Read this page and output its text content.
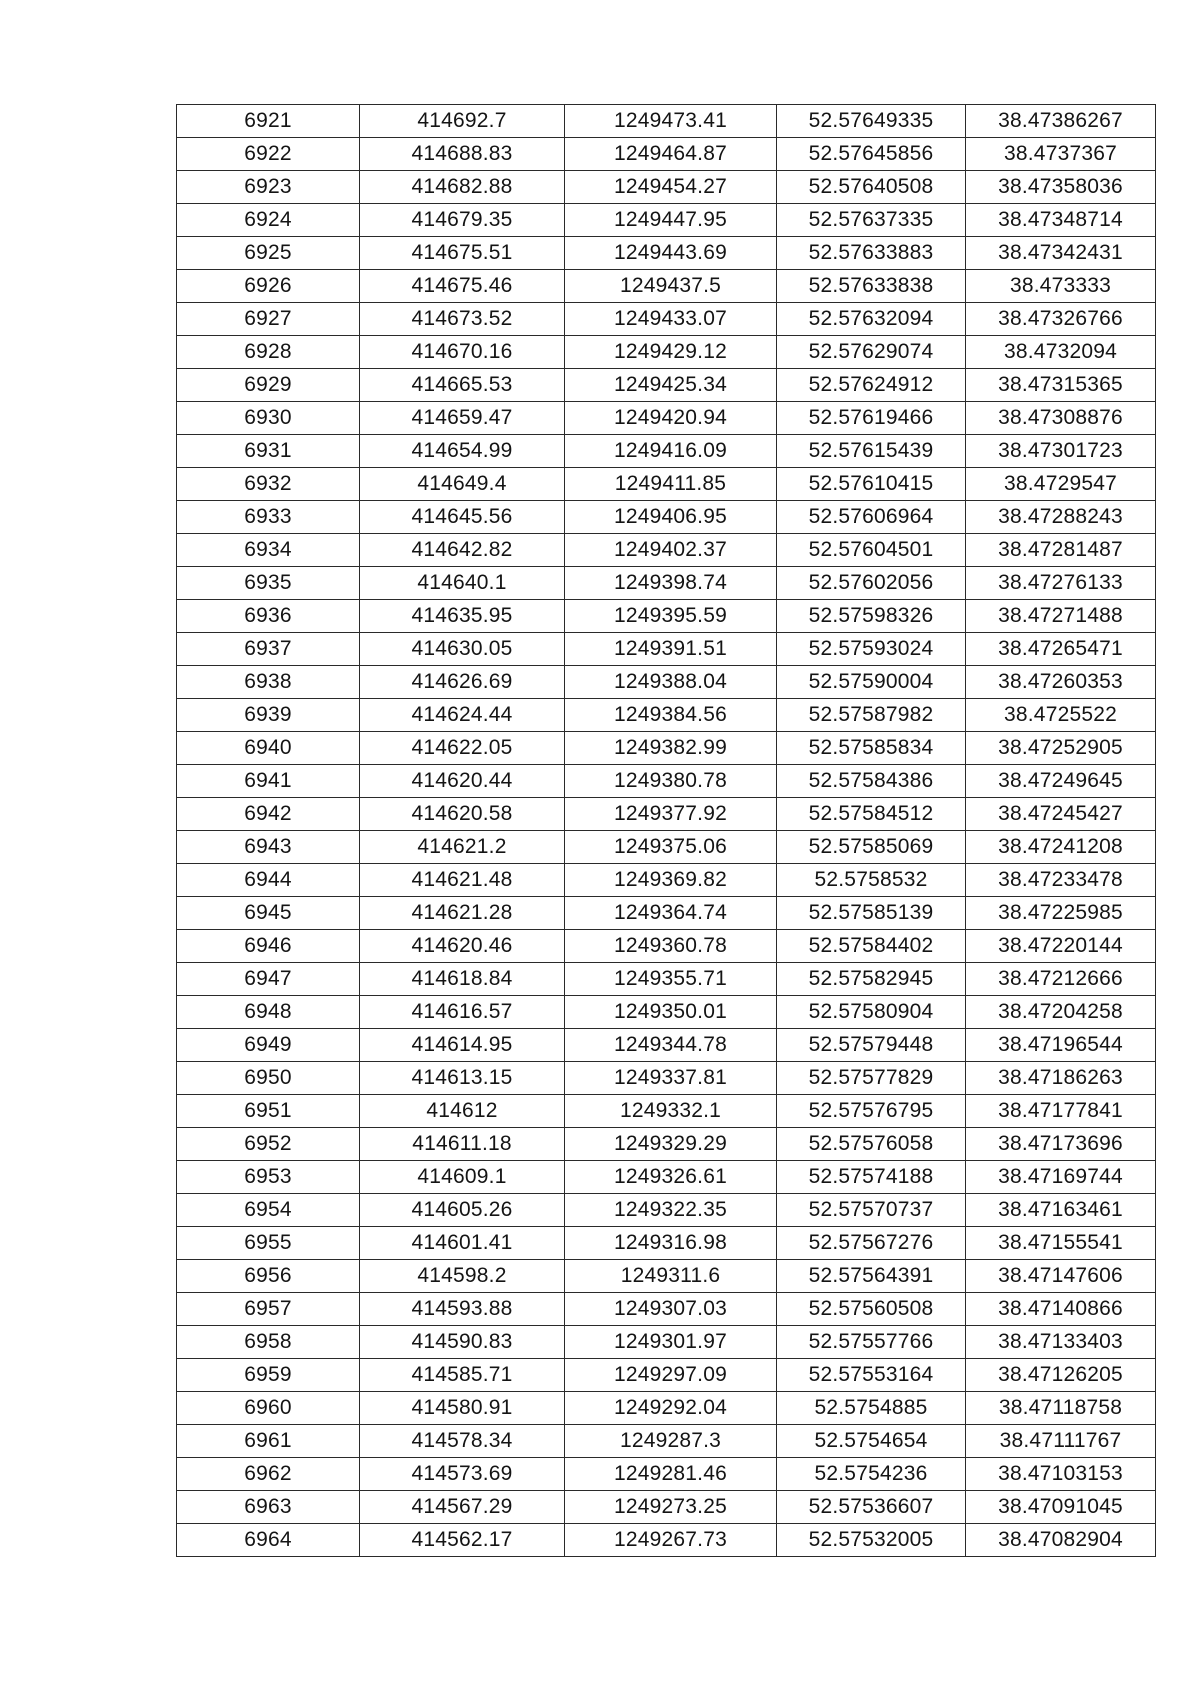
6921	414692.7	1249473.41	52.57649335	38.47386267
6922	414688.83	1249464.87	52.57645856	38.4737367
6923	414682.88	1249454.27	52.57640508	38.47358036
6924	414679.35	1249447.95	52.57637335	38.47348714
6925	414675.51	1249443.69	52.57633883	38.47342431
6926	414675.46	1249437.5	52.57633838	38.473333
6927	414673.52	1249433.07	52.57632094	38.47326766
6928	414670.16	1249429.12	52.57629074	38.4732094
6929	414665.53	1249425.34	52.57624912	38.47315365
6930	414659.47	1249420.94	52.57619466	38.47308876
6931	414654.99	1249416.09	52.57615439	38.47301723
6932	414649.4	1249411.85	52.57610415	38.4729547
6933	414645.56	1249406.95	52.57606964	38.47288243
6934	414642.82	1249402.37	52.57604501	38.47281487
6935	414640.1	1249398.74	52.57602056	38.47276133
6936	414635.95	1249395.59	52.57598326	38.47271488
6937	414630.05	1249391.51	52.57593024	38.47265471
6938	414626.69	1249388.04	52.57590004	38.47260353
6939	414624.44	1249384.56	52.57587982	38.4725522
6940	414622.05	1249382.99	52.57585834	38.47252905
6941	414620.44	1249380.78	52.57584386	38.47249645
6942	414620.58	1249377.92	52.57584512	38.47245427
6943	414621.2	1249375.06	52.57585069	38.47241208
6944	414621.48	1249369.82	52.5758532	38.47233478
6945	414621.28	1249364.74	52.57585139	38.47225985
6946	414620.46	1249360.78	52.57584402	38.47220144
6947	414618.84	1249355.71	52.57582945	38.47212666
6948	414616.57	1249350.01	52.57580904	38.47204258
6949	414614.95	1249344.78	52.57579448	38.47196544
6950	414613.15	1249337.81	52.57577829	38.47186263
6951	414612	1249332.1	52.57576795	38.47177841
6952	414611.18	1249329.29	52.57576058	38.47173696
6953	414609.1	1249326.61	52.57574188	38.47169744
6954	414605.26	1249322.35	52.57570737	38.47163461
6955	414601.41	1249316.98	52.57567276	38.47155541
6956	414598.2	1249311.6	52.57564391	38.47147606
6957	414593.88	1249307.03	52.57560508	38.47140866
6958	414590.83	1249301.97	52.57557766	38.47133403
6959	414585.71	1249297.09	52.57553164	38.47126205
6960	414580.91	1249292.04	52.5754885	38.47118758
6961	414578.34	1249287.3	52.5754654	38.47111767
6962	414573.69	1249281.46	52.5754236	38.47103153
6963	414567.29	1249273.25	52.57536607	38.47091045
6964	414562.17	1249267.73	52.57532005	38.47082904
